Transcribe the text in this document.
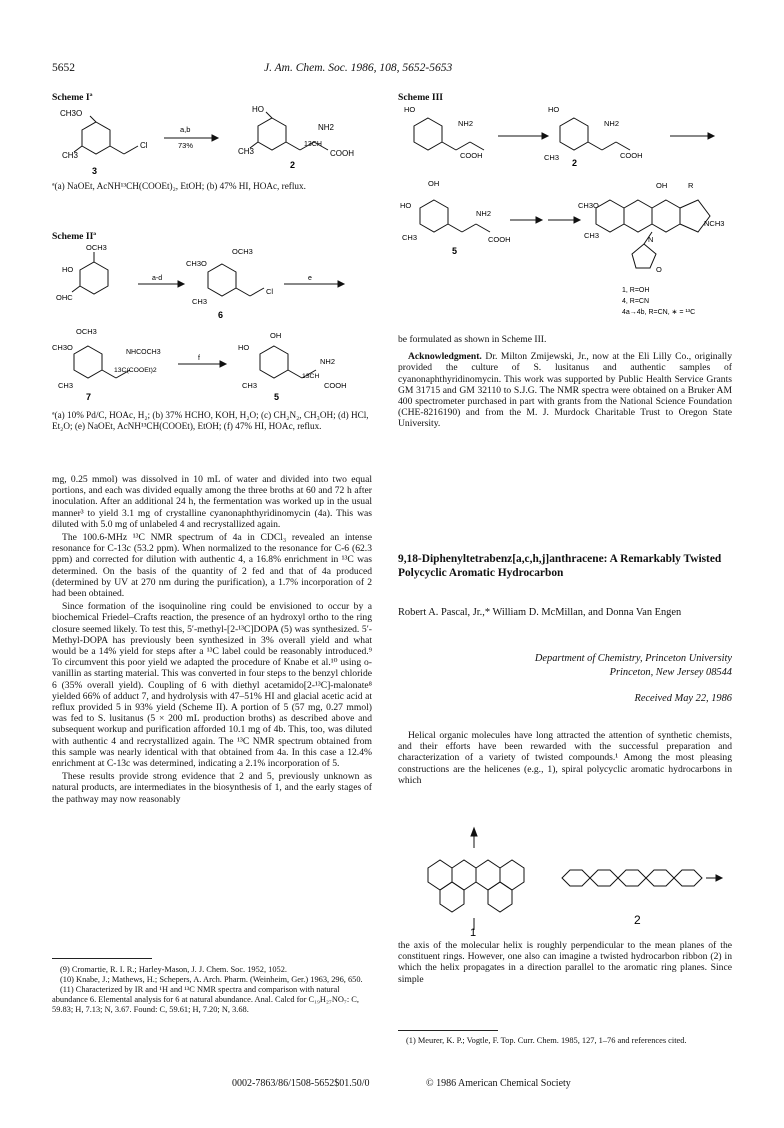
5652	J. Am. Chem. Soc. 1986, 108, 5652-5653
Scheme Iª
CH3O
CH3
Cl
3
a,b
73%
HO
CH3
NH2
13CH
COOH
2
ª(a) NaOEt, AcNH¹³CH(COOEt)₂, EtOH; (b) 47% HI, HOAc, reflux.
Scheme IIª
OCH3
HO
OHC
a-d
CH3O
OCH3
CH3
Cl
6
e
OCH3
CH3O
CH3
NHCOCH3
13C(COOEt)2
7
f
OH
HO
CH3
NH2
13CH
COOH
5
ª(a) 10% Pd/C, HOAc, H₂; (b) 37% HCHO, KOH, H₂O; (c) CH₂N₂, CH₃OH; (d) HCl, Et₂O; (e) NaOEt, AcNH¹³CH(COOEt), EtOH; (f) 47% HI, HOAc, reflux.

mg, 0.25 mmol) was dissolved in 10 mL of water and divided into two equal portions, and each was divided equally among the three broths at 60 and 72 h after inoculation. After an additional 24 h, the fermentation was worked up in the usual manner³ to yield 3.1 mg of crystalline cyanonaphthyridinomycin (4a). This was diluted with 5.0 mg of unlabeled 4 and recrystallized again.

The 100.6-MHz ¹³C NMR spectrum of 4a in CDCl₃ revealed an intense resonance for C-13c (53.2 ppm). When normalized to the resonance for C-6 (62.3 ppm) and corrected for dilution with authentic 4, a 16.8% enrichment in ¹³C was determined. On the basis of the quantity of 2 fed and that of 4a produced (determined by UV at 270 nm during the purification), a 1.7% incorporation of 2 had been obtained.

Since formation of the isoquinoline ring could be envisioned to occur by a biochemical Friedel–Crafts reaction, the presence of an hydroxyl ortho to the ring closure seemed likely. To test this, 5′-methyl-[2-¹³C]DOPA (5) was synthesized. 5′-Methyl-DOPA has previously been synthesized in 3% overall yield and what would be a 14% yield for steps after a ¹³C label could be reasonably introduced.⁹ To circumvent this poor yield we adapted the procedure of Knabe et al.¹⁰ using o-vanillin as starting material. This was converted in four steps to the benzyl chloride 6 (35% overall yield). Coupling of 6 with diethyl acetamido[2-¹³C]-malonate⁸ yielded 66% of adduct 7, and hydrolysis with 47–51% HI and glacial acetic acid at reflux provided 5 in 93% yield (Scheme II). A portion of 5 (57 mg, 0.27 mmol) was fed to S. lusitanus (5 × 200 mL production broths) as described above and subsequent workup and purification afforded 10.1 mg of 4b. This, too, was diluted with authentic 4 and recrystallized again. The ¹³C NMR spectrum obtained from this sample was nearly identical with that obtained from 4a. In this case a 12.4% enrichment at C-13c was determined, indicating a 2.1% incorporation of 5.

These results provide strong evidence that 2 and 5, previously unknown as natural products, are intermediates in the biosynthesis of 1, and the early stages of the pathway may now reasonably

(9) Cromartie, R. I. R.; Harley-Mason, J. J. Chem. Soc. 1952, 1052.

(10) Knabe, J.; Mathews, H.; Schepers, A. Arch. Pharm. (Weinheim, Ger.) 1963, 296, 650.

(11) Characterized by IR and ¹H and ¹³C NMR spectra and comparison with natural abundance 6. Elemental analysis for 6 at natural abundance. Anal. Calcd for C₁₉H₂₇NO₇: C, 59.83; H, 7.13; N, 3.67. Found: C, 59.61; H, 7.20; N, 3.68.

Scheme III
HO
NH2
COOH
HO
CH3
NH2
COOH
2
OH
HO
CH3
NH2
COOH
5
CH3O
OH	R
NCH3
CH3	N
O
1, R=OH
4, R=CN
4a→4b, R=CN, ∗ = ¹³C

be formulated as shown in Scheme III.

Acknowledgment. Dr. Milton Zmijewski, Jr., now at the Eli Lilly Co., originally provided the culture of S. lusitanus and authentic samples of cyanonaphthyridinomycin. This work was supported by Public Health Service Grants GM 31715 and GM 32110 to S.J.G. The NMR spectra were obtained on a Bruker AM 400 spectrometer purchased in part with grants from the National Science Foundation (CHE-8216190) and from the M. J. Murdock Charitable Trust to Oregon State University.

9,18-Diphenyltetrabenz[a,c,h,j]anthracene: A Remarkably Twisted Polycyclic Aromatic Hydrocarbon
Robert A. Pascal, Jr.,* William D. McMillan, and Donna Van Engen
Department of Chemistry, Princeton University
Princeton, New Jersey 08544
Received May 22, 1986

Helical organic molecules have long attracted the attention of synthetic chemists, and their efforts have been rewarded with the successful preparation and characterization of a variety of twisted compounds.¹ Among the most pleasing constructions are the helicenes (e.g., 1), spiral polycyclic aromatic hydrocarbons in which

1
2

the axis of the molecular helix is roughly perpendicular to the mean planes of the constituent rings. However, one also can imagine a twisted hydrocarbon ribbon (2) in which the helix propagates in a direction parallel to the aromatic ring planes. Since simple

(1) Meurer, K. P.; Vogtle, F. Top. Curr. Chem. 1985, 127, 1–76 and references cited.

0002-7863/86/1508-5652$01.50/0	© 1986 American Chemical Society
